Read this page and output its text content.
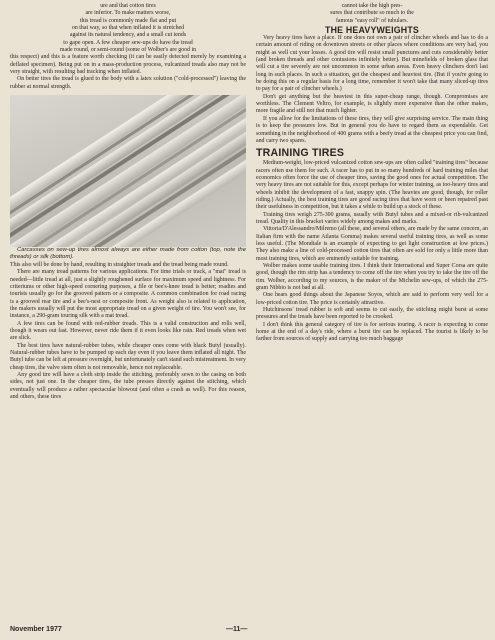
ure and that cotton tires

are inferior. To make matters worse,

this tread is commonly made flat and put

on that way, so that when inflated it is stretched

against its natural tendency, and a small cut tends

to gape open. A few cheaper sew-ups do have the tread

made round, or semi-round (some of Wolber's are good in

this respect) and this is a feature worth checking (it can be easily detected merely by examining a deflated specimen). Being put on in a mass-production process, vulcanized treads also may not be very straight, with resulting bad tracking when inflated.

On better tires the tread is glued to the body with a latex solution ("cold-processed") leaving the rubber at normal strength.

Carcasses on sew-up tires almost always are either made from cotton (top, note the threads) or silk (bottom).

This also will be done by hand, resulting in straighter treads and the tread being made round.

There are many tread patterns for various applications. For time trials or track, a "mat" tread is needed—little tread at all, just a slightly roughened surface for maximum speed and lightness. For criteriums or other high-speed cornering purposes, a file or bee's-knee tread is better; roadies and tourists usually go for the grooved pattern or a composite. A common combination for road racing is a grooved rear tire and a bee's-nest or composite front. As weight also is related to application, the makers usually will put the most appropriate tread on a given weight of tire. You won't see, for instance, a 290-gram touring silk with a mat tread.

A few tires can be found with red-rubber treads. This is a valid construction and rolls well, though it wears out fast. However, never ride them if it even looks like rain. Red treads when wet are slick.

The best tires have natural-rubber tubes, while cheaper ones come with black Butyl (usually). Natural-rubber tubes have to be pumped up each day even if you leave them inflated all night. The Butyl tube can be left at pressure overnight, but unfortunately can't stand such mistreatment. In very cheap tires, the valve stem often is not removable, hence not replaceable.

Any good tire will have a cloth strip inside the stitching, preferably sewn to the casing on both sides, not just one. In the cheaper tires, the tube presses directly against the stitching, which eventually will produce a rather spectacular blowout (and often a crash as well). For this reason, and others, these tires

cannot take the high pres-

sures that contribute so much to the

famous "easy roll" of tubulars.

THE HEAVYWEIGHTS

Very heavy tires have a place. If one does not own a pair of clincher wheels and has to do a certain amount of riding on downtown streets or other places where conditions are very bad, you might as well cut your losses. A good tire will resist small punctures and cuts considerably better (and broken threads and other contusions infinitely better). But minefields of broken glass that will cut a tire severely are not uncommon in some urban areas. Even heavy clinchers don't last long in such places. In such a situation, get the cheapest and heaviest tire. (But if you're going to be doing this on a regular basis for a long time, remember it won't take that many sliced-up tires to pay for a pair of clincher wheels.)

Don't get anything but the heaviest in this super-cheap range, though. Compromises are worthless. The Clement Veltro, for example, is slightly more expensive than the other makes, more fragile and still not that much lighter.

If you allow for the limitations of these tires, they will give surprising service. The main thing is to keep the pressures low. But in general you do have to regard them as expendable. Get something in the neighborhood of 400 grams with a beefy tread at the cheapest price you can find, and carry two spares.

TRAINING TIRES

Medium-weight, low-priced vulcanized cotton sew-ups are often called "training tires" because racers often use them for such. A racer has to put in so many hundreds of hard training miles that economics often force the use of cheaper tires, saving the good ones for actual competition. The very heavy tires are not suitable for this, except perhaps for winter training, as too-heavy tires and wheels inhibit the development of a fast, snappy spin. (The heavies are good, though, for roller riding.) Actually, the best training tires are good racing tires that have worn or been repaired past their usefulness in competition, but it takes a while to build up a stock of these.

Training tires weigh 275-300 grams, usually with Butyl tubes and a mixed-or rib-vulcanized tread. Quality in this bracket varies widely among makes and marks.

Vittoria/D'Alessandro/Milremo (all these, and several others, are made by the same concern, an Italian firm with the name Atlanta Gomma) makes several useful training tires, as well as some less useful. (The Mondiale is an example of expecting to get light construction at low prices.) They also make a line of cold-processed cotton tires that often are sold for only a little more than most training tires, which are eminently suitable for training.

Wolber makes some usable training tires. I think their International and Super Corsa are quite good, though the rim strip has a tendency to come off the tire when you try to take the tire off the rim. Wolber, according to my sources, is the maker of the Michelin sew-ups, of which the 275-gram Nibbio is not bad at all.

One hears good things about the Japanese Soyos, which are said to perform very well for a low-priced cotton tire. The price is certainly attractive.

Hutchinsons' tread rubber is soft and seems to cut easily, the stitching might burst at some pressures and the treads have been reported to be crooked.

I don't think this general category of tire is for serious touring. A racer is expecting to come home at the end of a day's ride, where a burst tire can be replaced. The tourist is likely to be farther from sources of supply and carrying too much baggage

November 1977	—11—
